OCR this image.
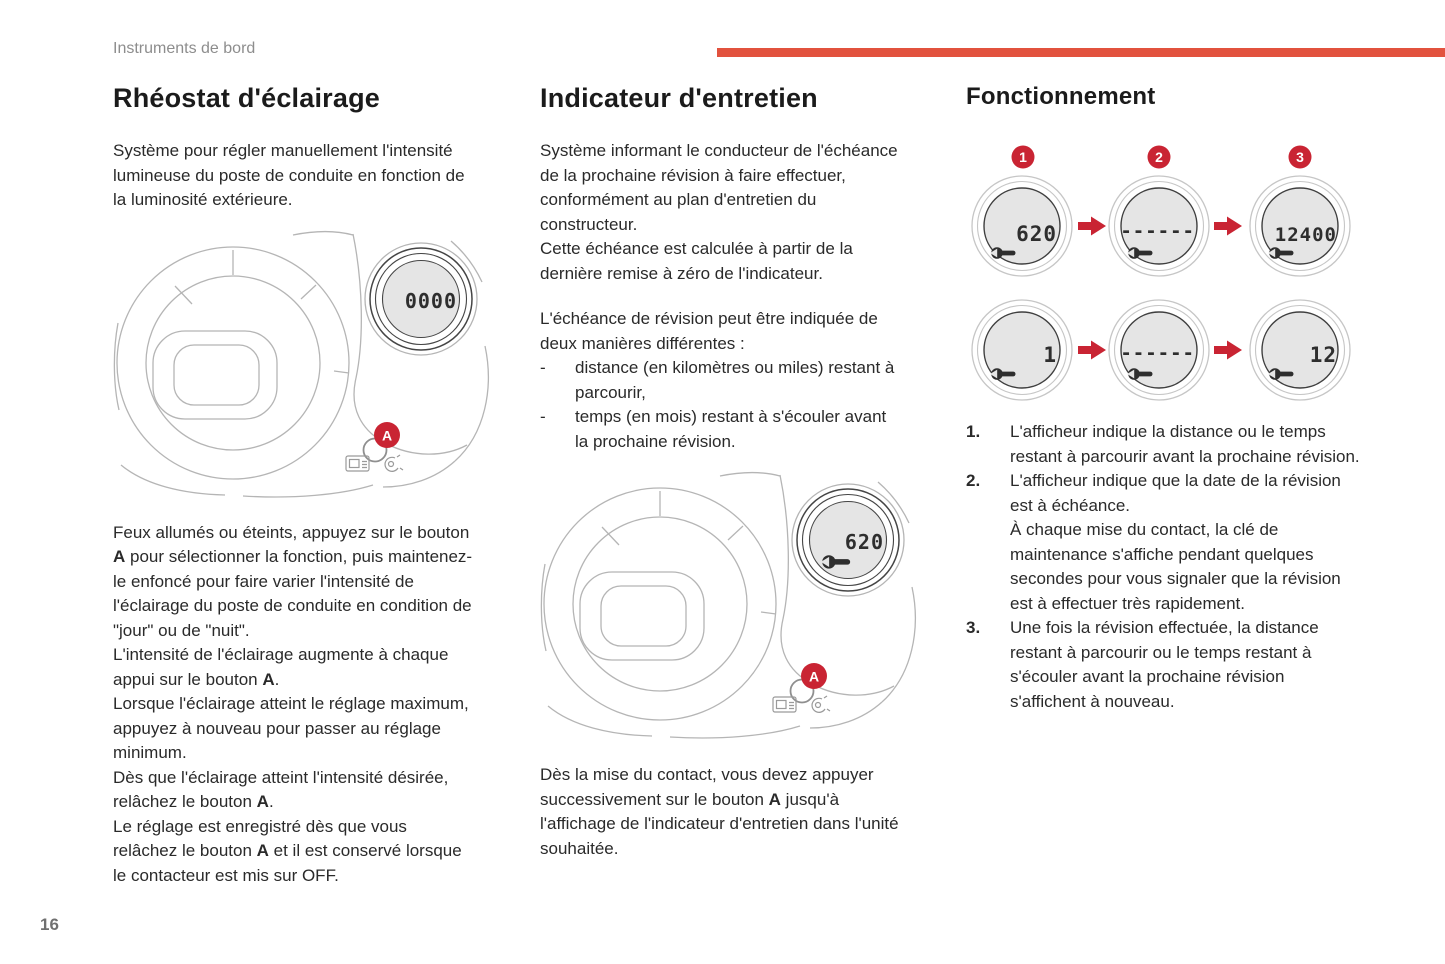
Instruments de bord
Rhéostat d'éclairage

Système pour régler manuellement l'intensité lumineuse du poste de conduite en fonction de la luminosité extérieure.

0000
A

Feux allumés ou éteints, appuyez sur le bouton A pour sélectionner la fonction, puis maintenez-le enfoncé pour faire varier l'intensité de l'éclairage du poste de conduite en condition de "jour" ou de "nuit".

L'intensité de l'éclairage augmente à chaque appui sur le bouton A.

Lorsque l'éclairage atteint le réglage maximum, appuyez à nouveau pour passer au réglage minimum.

Dès que l'éclairage atteint l'intensité désirée, relâchez le bouton A.

Le réglage est enregistré dès que vous relâchez le bouton A et il est conservé lorsque le contacteur est mis sur OFF.

Indicateur d'entretien

Système informant le conducteur de l'échéance de la prochaine révision à faire effectuer, conformément au plan d'entretien du constructeur.

Cette échéance est calculée à partir de la dernière remise à zéro de l'indicateur.

L'échéance de révision peut être indiquée de deux manières différentes :

-	distance (en kilomètres ou miles) restant à parcourir,
-	temps (en mois) restant à s'écouler avant la prochaine révision.
620
A

Dès la mise du contact, vous devez appuyer successivement sur le bouton A jusqu'à l'affichage de l'indicateur d'entretien dans l'unité souhaitée.

Fonctionnement
1	2	3
620	------	12400
1	------	12
1.	L'afficheur indique la distance ou le temps restant à parcourir avant la prochaine révision.

2.	L'afficheur indique que la date de la révision est à échéance.

À chaque mise du contact, la clé de maintenance s'affiche pendant quelques secondes pour vous signaler que la révision est à effectuer très rapidement.

3.	Une fois la révision effectuée, la distance restant à parcourir ou le temps restant à s'écouler avant la prochaine révision s'affichent à nouveau.

16
